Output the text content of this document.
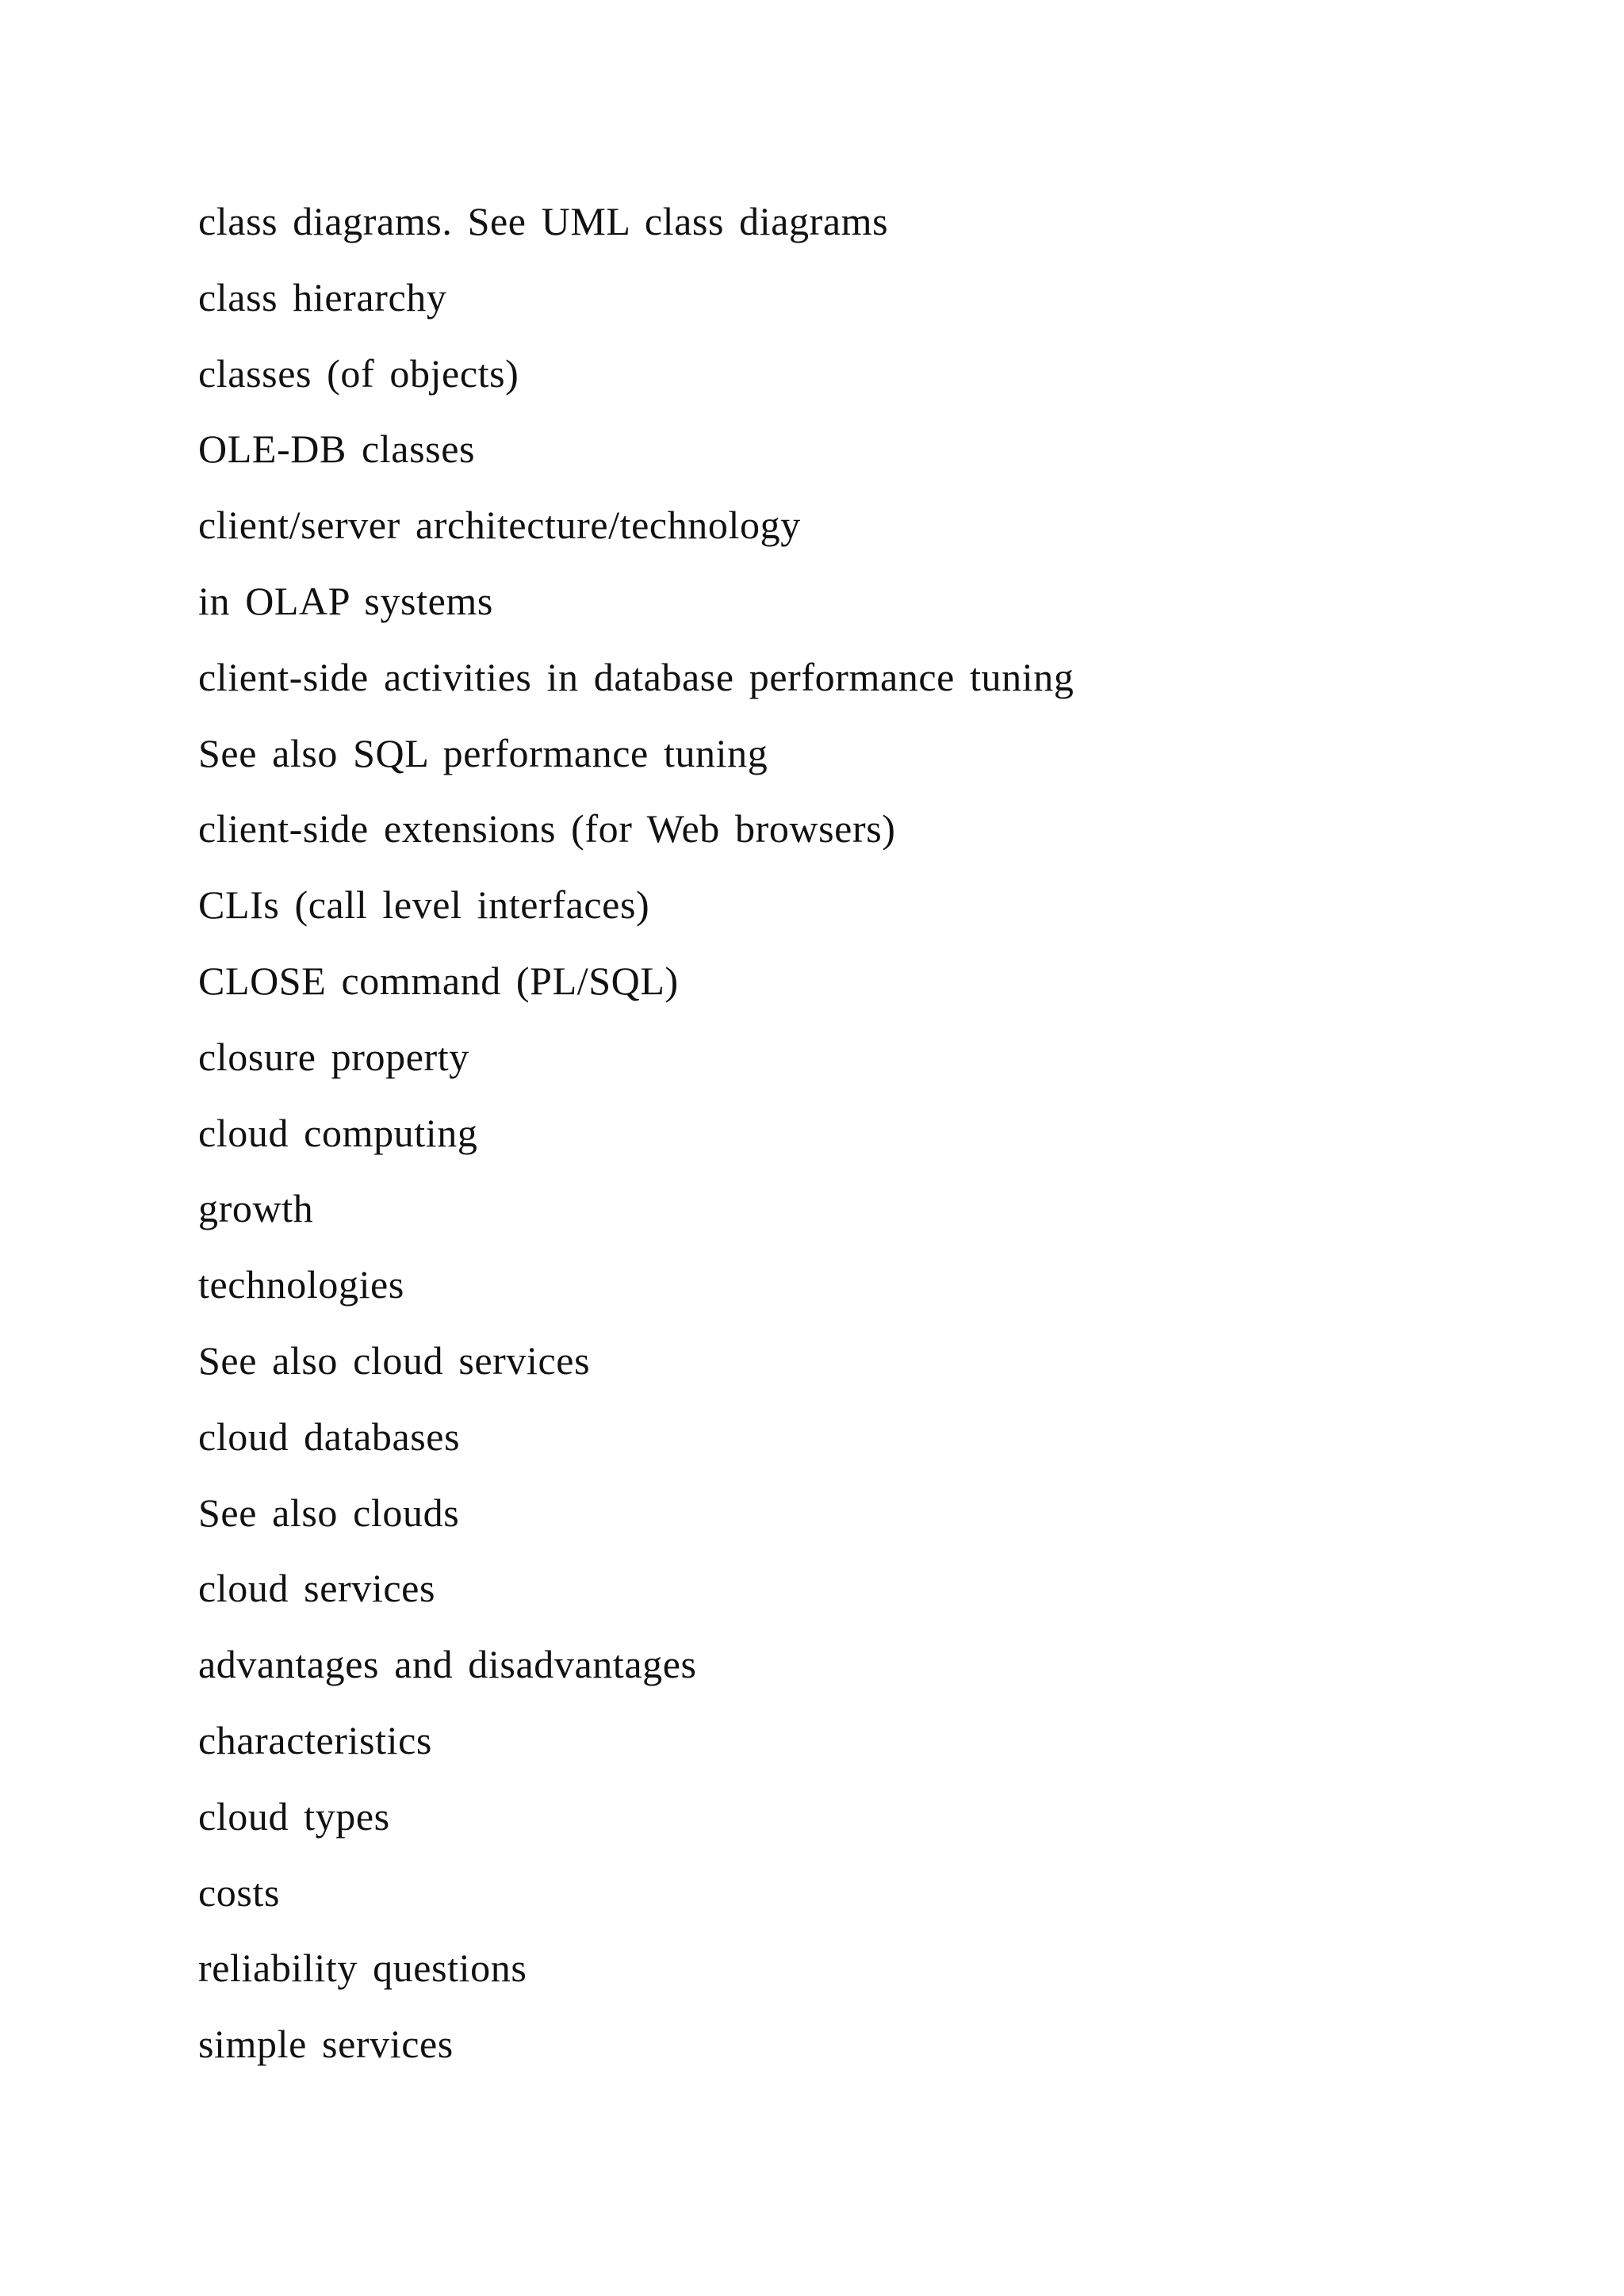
class diagrams. See UML class diagrams
class hierarchy
classes (of objects)
OLE-DB classes
client/server architecture/technology
in OLAP systems
client-side activities in database performance tuning
See also SQL performance tuning
client-side extensions (for Web browsers)
CLIs (call level interfaces)
CLOSE command (PL/SQL)
closure property
cloud computing
growth
technologies
See also cloud services
cloud databases
See also clouds
cloud services
advantages and disadvantages
characteristics
cloud types
costs
reliability questions
simple services
